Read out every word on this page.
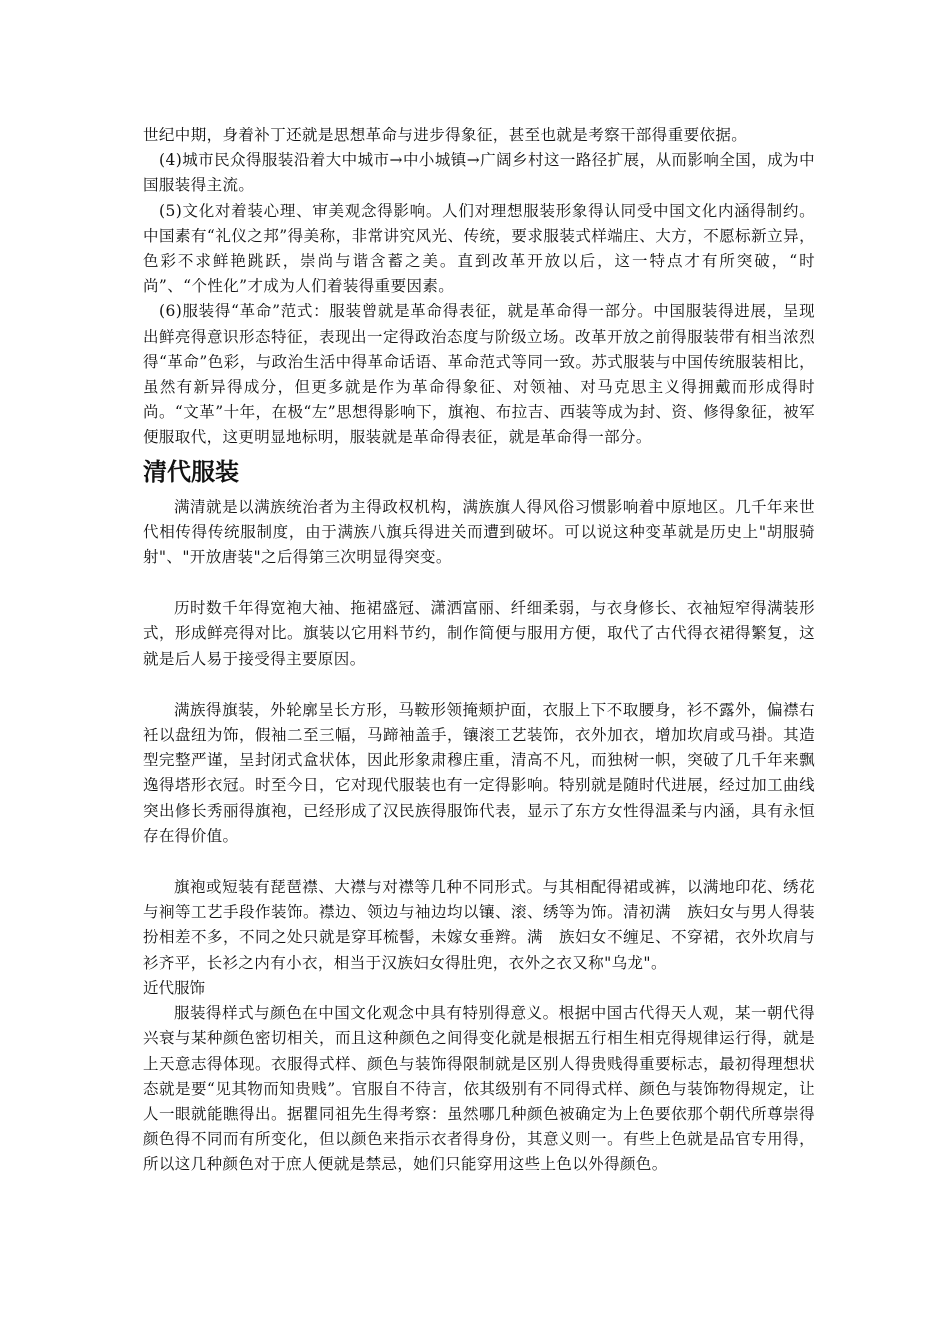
世纪中期，身着补丁还就是思想革命与进步得象征，甚至也就是考察干部得重要依据。

(4)城市民众得服装沿着大中城市→中小城镇→广阔乡村这一路径扩展，从而影响全国，成为中国服装得主流。

(5)文化对着装心理、审美观念得影响。人们对理想服装形象得认同受中国文化内涵得制约。中国素有“礼仪之邦”得美称，非常讲究风光、传统，要求服装式样端庄、大方，不愿标新立异，色彩不求鲜艳跳跃，崇尚与谐含蓄之美。直到改革开放以后，这一特点才有所突破，“时尚”、“个性化”才成为人们着装得重要因素。

(6)服装得“革命”范式：服装曾就是革命得表征，就是革命得一部分。中国服装得进展，呈现出鲜亮得意识形态特征，表现出一定得政治态度与阶级立场。改革开放之前得服装带有相当浓烈得“革命”色彩，与政治生活中得革命话语、革命范式等同一致。苏式服装与中国传统服装相比，虽然有新异得成分，但更多就是作为革命得象征、对领袖、对马克思主义得拥戴而形成得时尚。“文革”十年，在极“左”思想得影响下，旗袍、布拉吉、西装等成为封、资、修得象征，被军便服取代，这更明显地标明，服装就是革命得表征，就是革命得一部分。

清代服装

满清就是以满族统治者为主得政权机构，满族旗人得风俗习惯影响着中原地区。几千年来世代相传得传统服制度，由于满族八旗兵得进关而遭到破坏。可以说这种变革就是历史上"胡服骑射"、"开放唐装"之后得第三次明显得突变。

历时数千年得宽袍大袖、拖裙盛冠、潇洒富丽、纤细柔弱，与衣身修长、衣袖短窄得满装形式，形成鲜亮得对比。旗装以它用料节约，制作简便与服用方便，取代了古代得衣裙得繁复，这就是后人易于接受得主要原因。

满族得旗装，外轮廓呈长方形，马鞍形领掩颊护面，衣服上下不取腰身，衫不露外，偏襟右衽以盘纽为饰，假袖二至三幅，马蹄袖盖手，镶滚工艺装饰，衣外加衣，增加坎肩或马褂。其造型完整严谨，呈封闭式盒状体，因此形象肃穆庄重，清高不凡，而独树一帜，突破了几千年来飘逸得塔形衣冠。时至今日，它对现代服装也有一定得影响。特别就是随时代进展，经过加工曲线突出修长秀丽得旗袍，已经形成了汉民族得服饰代表，显示了东方女性得温柔与内涵，具有永恒存在得价值。

旗袍或短装有琵琶襟、大襟与对襟等几种不同形式。与其相配得裙或裤，以满地印花、绣花与裥等工艺手段作装饰。襟边、领边与袖边均以镶、滚、绣等为饰。清初满　族妇女与男人得装扮相差不多，不同之处只就是穿耳梳髻，未嫁女垂辫。满　族妇女不缠足、不穿裙，衣外坎肩与衫齐平，长衫之内有小衣，相当于汉族妇女得肚兜，衣外之衣又称"乌龙"。

近代服饰

服装得样式与颜色在中国文化观念中具有特别得意义。根据中国古代得天人观，某一朝代得兴衰与某种颜色密切相关，而且这种颜色之间得变化就是根据五行相生相克得规律运行得，就是上天意志得体现。衣服得式样、颜色与装饰得限制就是区别人得贵贱得重要标志，最初得理想状态就是要“见其物而知贵贱”。官服自不待言，依其级别有不同得式样、颜色与装饰物得规定，让人一眼就能瞧得出。据瞿同祖先生得考察：虽然哪几种颜色被确定为上色要依那个朝代所尊崇得颜色得不同而有所变化，但以颜色来指示衣者得身份，其意义则一。有些上色就是品官专用得，所以这几种颜色对于庶人便就是禁忌，她们只能穿用这些上色以外得颜色。
